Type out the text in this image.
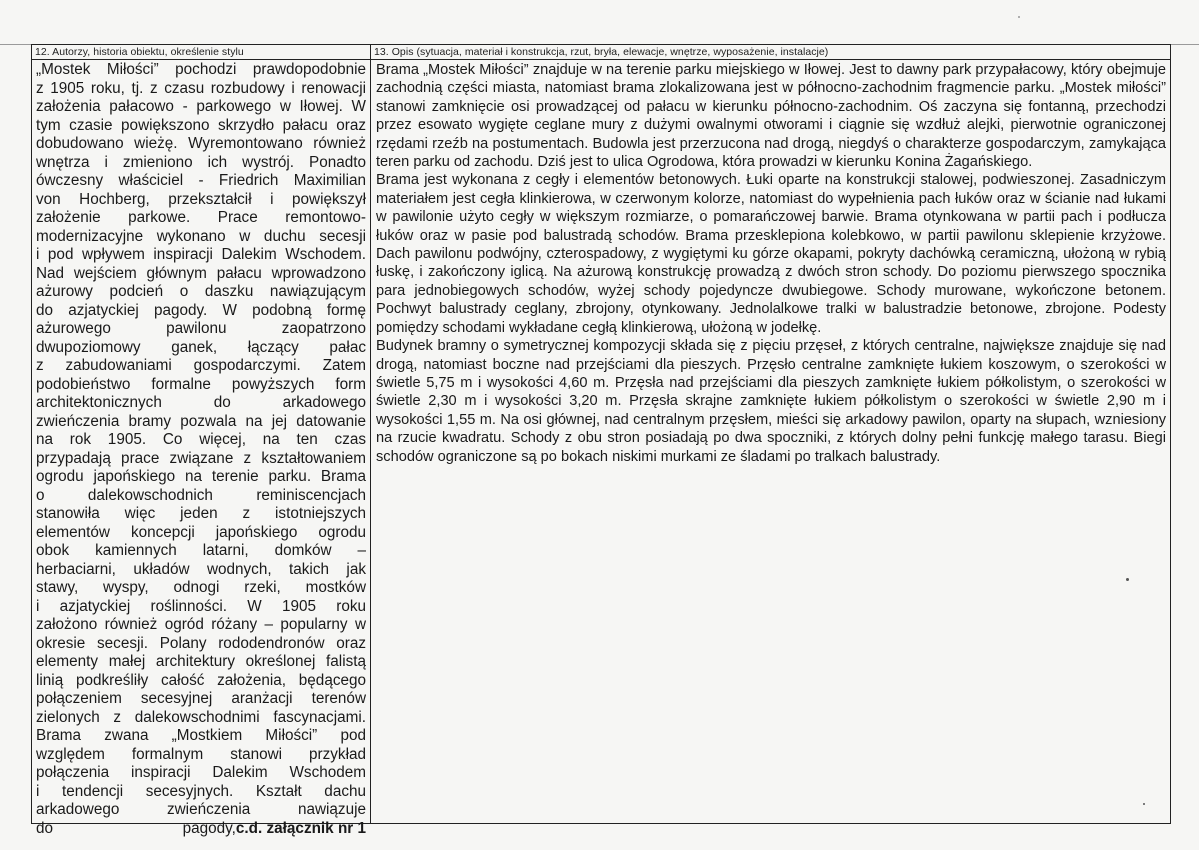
12. Autorzy, historia obiektu, określenie stylu
„Mostek Miłości” pochodzi prawdopodobnie
z 1905 roku, tj. z czasu rozbudowy i renowacji
założenia pałacowo - parkowego w Iłowej. W
tym czasie powiększono skrzydło pałacu oraz
dobudowano wieżę. Wyremontowano również
wnętrza i zmieniono ich wystrój. Ponadto
ówczesny właściciel - Friedrich Maximilian
von Hochberg, przekształcił i powiększył
założenie parkowe. Prace remontowo-
modernizacyjne wykonano w duchu secesji
i pod wpływem inspiracji Dalekim Wschodem.
Nad wejściem głównym pałacu wprowadzono
ażurowy podcień o daszku nawiązującym
do azjatyckiej pagody. W podobną formę
ażurowego pawilonu zaopatrzono
dwupoziomowy ganek, łączący pałac
z zabudowaniami gospodarczymi. Zatem
podobieństwo formalne powyższych form
architektonicznych do arkadowego
zwieńczenia bramy pozwala na jej datowanie
na rok 1905. Co więcej, na ten czas
przypadają prace związane z kształtowaniem
ogrodu japońskiego na terenie parku. Brama
o dalekowschodnich reminiscencjach
stanowiła więc jeden z istotniejszych
elementów koncepcji japońskiego ogrodu
obok kamiennych latarni, domków –
herbaciarni, układów wodnych, takich jak
stawy, wyspy, odnogi rzeki, mostków
i azjatyckiej roślinności. W 1905 roku
założono również ogród różany – popularny w
okresie secesji. Polany rododendronów oraz
elementy małej architektury określonej falistą
linią podkreśliły całość założenia, będącego
połączeniem secesyjnej aranżacji terenów
zielonych z dalekowschodnimi fascynacjami.
Brama zwana „Mostkiem Miłości” pod
względem formalnym stanowi przykład
połączenia inspiracji Dalekim Wschodem
i tendencji secesyjnych. Kształt dachu
arkadowego zwieńczenia nawiązuje
do pagody, c.d. załącznik nr 1
13. Opis (sytuacja, materiał i konstrukcja, rzut, bryła, elewacje, wnętrze, wyposażenie, instalacje)

Brama „Mostek Miłości” znajduje w na terenie parku miejskiego w Iłowej. Jest to dawny park przypałacowy, który obejmuje zachodnią części miasta, natomiast brama zlokalizowana jest w północno-zachodnim fragmencie parku. „Mostek miłości” stanowi zamknięcie osi prowadzącej od pałacu w kierunku północno-zachodnim. Oś zaczyna się fontanną, przechodzi przez esowato wygięte ceglane mury z dużymi owalnymi otworami i ciągnie się wzdłuż alejki, pierwotnie ograniczonej rzędami rzeźb na postumentach. Budowla jest przerzucona nad drogą, niegdyś o charakterze gospodarczym, zamykająca teren parku od zachodu. Dziś jest to ulica Ogrodowa, która prowadzi w kierunku Konina Żagańskiego.

Brama jest wykonana z cegły i elementów betonowych. Łuki oparte na konstrukcji stalowej, podwieszonej. Zasadniczym materiałem jest cegła klinkierowa, w czerwonym kolorze, natomiast do wypełnienia pach łuków oraz w ścianie nad łukami w pawilonie użyto cegły w większym rozmiarze, o pomarańczowej barwie. Brama otynkowana w partii pach i podłucza łuków oraz w pasie pod balustradą schodów. Brama przesklepiona kolebkowo, w partii pawilonu sklepienie krzyżowe. Dach pawilonu podwójny, czterospadowy, z wygiętymi ku górze okapami, pokryty dachówką ceramiczną, ułożoną w rybią łuskę, i zakończony iglicą. Na ażurową konstrukcję prowadzą z dwóch stron schody. Do poziomu pierwszego spocznika para jednobiegowych schodów, wyżej schody pojedyncze dwubiegowe. Schody murowane, wykończone betonem. Pochwyt balustrady ceglany, zbrojony, otynkowany. Jednolalkowe tralki w balustradzie betonowe, zbrojone. Podesty pomiędzy schodami wykładane cegłą klinkierową, ułożoną w jodełkę.

Budynek bramny o symetrycznej kompozycji składa się z pięciu przęseł, z których centralne, największe znajduje się nad drogą, natomiast boczne nad przejściami dla pieszych. Przęsło centralne zamknięte łukiem koszowym, o szerokości w świetle 5,75 m i wysokości 4,60 m. Przęsła nad przejściami dla pieszych zamknięte łukiem półkolistym, o szerokości w świetle 2,30 m i wysokości 3,20 m. Przęsła skrajne zamknięte łukiem półkolistym o szerokości w świetle 2,90 m i wysokości 1,55 m. Na osi głównej, nad centralnym przęsłem, mieści się arkadowy pawilon, oparty na słupach, wzniesiony na rzucie kwadratu. Schody z obu stron posiadają po dwa spoczniki, z których dolny pełni funkcję małego tarasu. Biegi schodów ograniczone są po bokach niskimi murkami ze śladami po tralkach balustrady.
